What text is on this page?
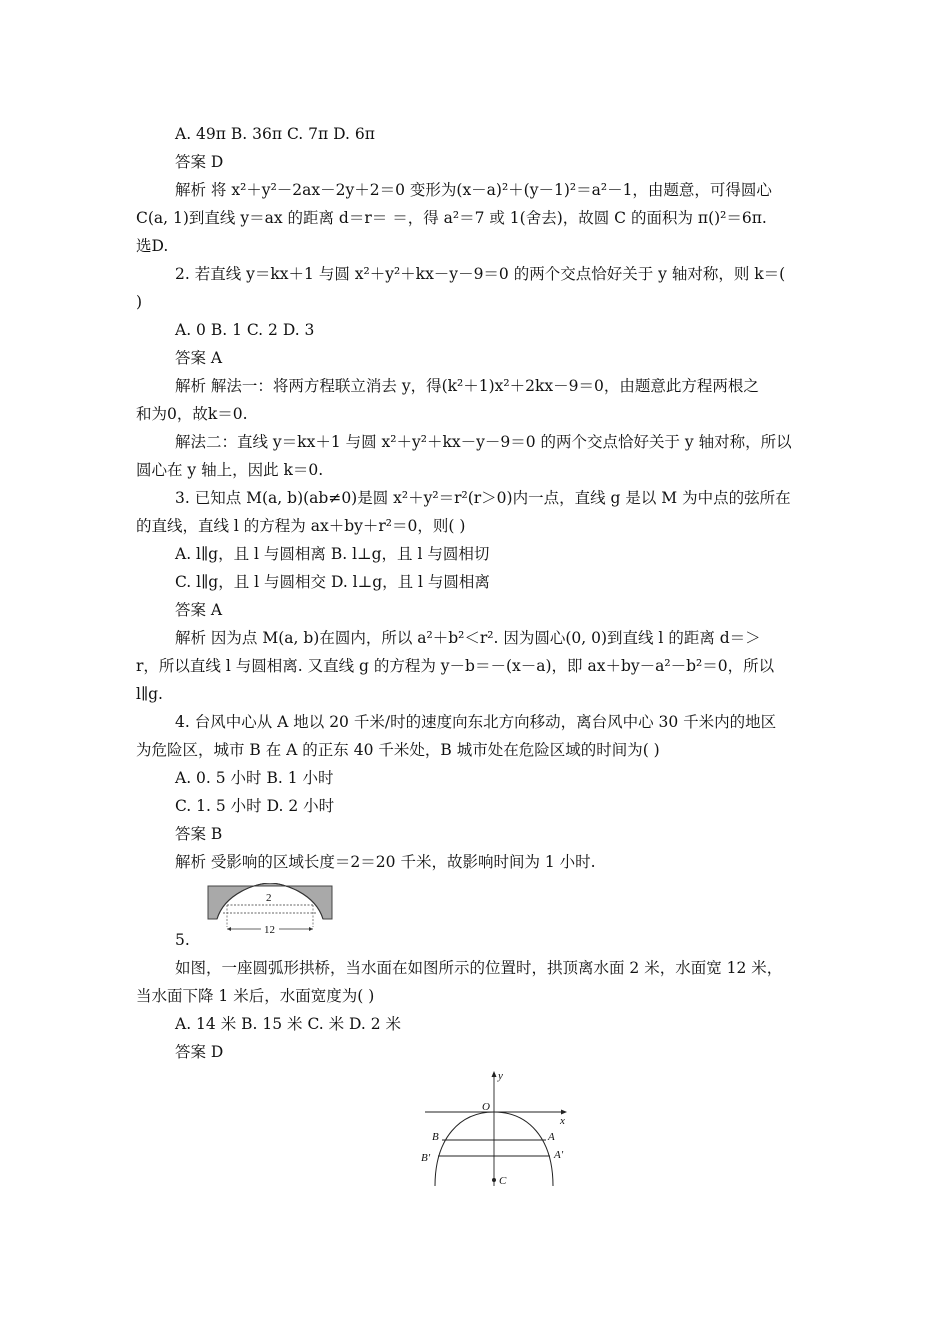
A. 49π B. 36π C. 7π D. 6π
答案 D
解析 将 x²＋y²－2ax－2y＋2＝0 变形为(x－a)²＋(y－1)²＝a²－1，由题意，可得圆心
C(a, 1)到直线 y＝ax 的距离 d＝r＝ ＝，得 a²＝7 或 1(舍去)，故圆 C 的面积为 π()²＝6π.
选D.
2. 若直线 y＝kx＋1 与圆 x²＋y²＋kx－y－9＝0 的两个交点恰好关于 y 轴对称，则 k＝(
)
A. 0 B. 1 C. 2 D. 3
答案 A
解析 解法一：将两方程联立消去 y，得(k²＋1)x²＋2kx－9＝0，由题意此方程两根之
和为0，故k＝0.
解法二：直线 y＝kx＋1 与圆 x²＋y²＋kx－y－9＝0 的两个交点恰好关于 y 轴对称，所以
圆心在 y 轴上，因此 k＝0.
3. 已知点 M(a, b)(ab≠0)是圆 x²＋y²＝r²(r＞0)内一点，直线 g 是以 M 为中点的弦所在
的直线，直线 l 的方程为 ax＋by＋r²＝0，则( )
A. l∥g，且 l 与圆相离 B. l⊥g，且 l 与圆相切
C. l∥g，且 l 与圆相交 D. l⊥g，且 l 与圆相离
答案 A
解析 因为点 M(a, b)在圆内，所以 a²＋b²＜r². 因为圆心(0, 0)到直线 l 的距离 d＝＞
r，所以直线 l 与圆相离. 又直线 g 的方程为 y－b＝－(x－a)，即 ax＋by－a²－b²＝0，所以
l∥g.
4. 台风中心从 A 地以 20 千米/时的速度向东北方向移动，离台风中心 30 千米内的地区
为危险区，城市 B 在 A 的正东 40 千米处，B 城市处在危险区域的时间为( )
A. 0. 5 小时 B. 1 小时
C. 1. 5 小时 D. 2 小时
答案 B
解析 受影响的区域长度＝2＝20 千米，故影响时间为 1 小时.
2
12
5.
如图，一座圆弧形拱桥，当水面在如图所示的位置时，拱顶离水面 2 米，水面宽 12 米，
当水面下降 1 米后，水面宽度为( )
A. 14 米 B. 15 米 C. 米 D. 2 米
答案 D
y
x
O
A
B
A′
B′
C
